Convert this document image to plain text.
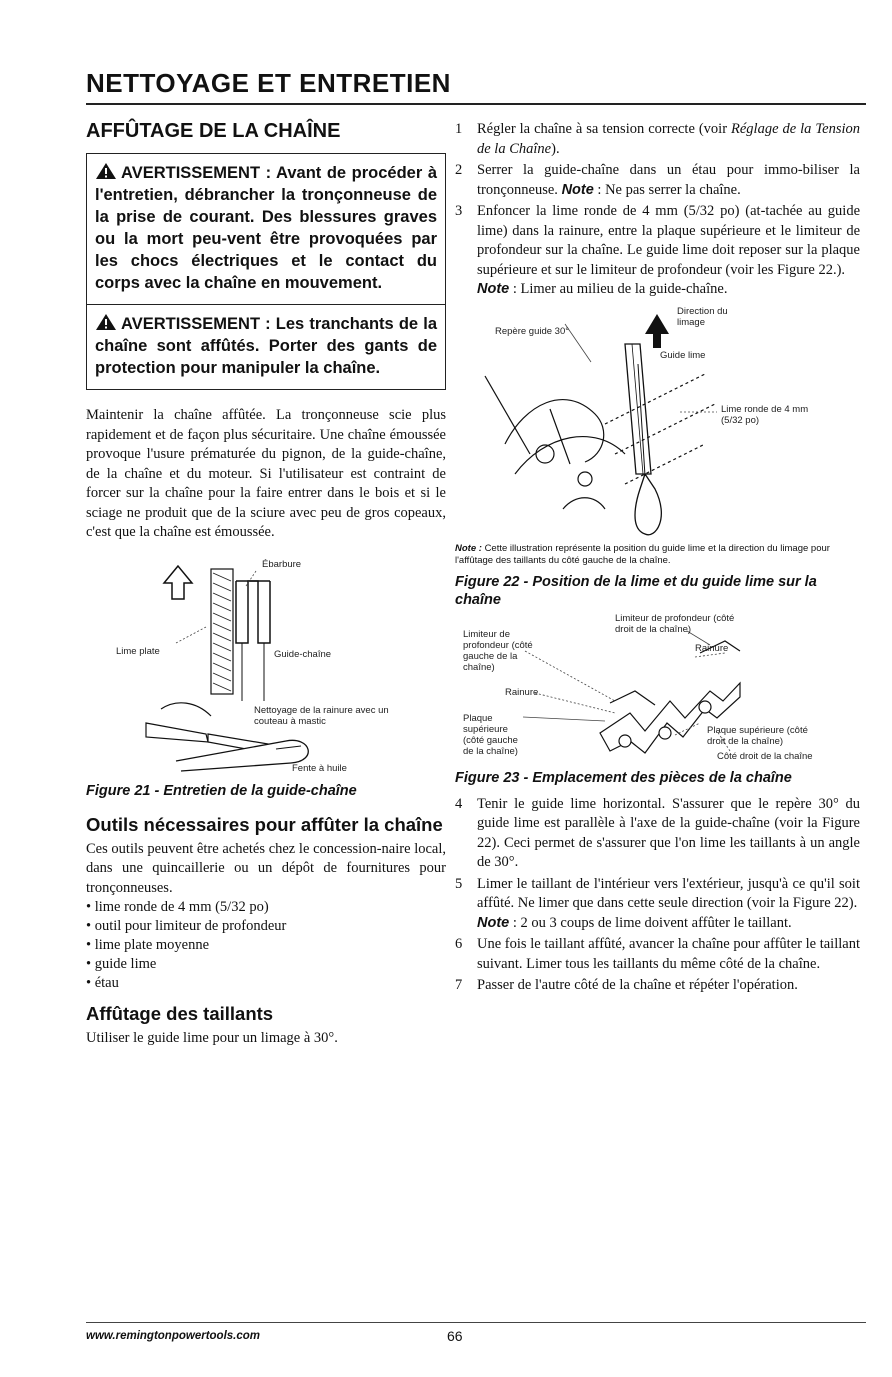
NETTOYAGE ET ENTRETIEN
AFFÛTAGE DE LA CHAÎNE
AVERTISSEMENT : Avant de procéder à l'entretien, débrancher la tronçonneuse de la prise de courant. Des blessures graves ou la mort peu-vent être provoquées par les chocs électriques et le contact du corps avec la chaîne en mouvement.
AVERTISSEMENT : Les tranchants de la chaîne sont affûtés. Porter des gants de protection pour manipuler la chaîne.

Maintenir la chaîne affûtée. La tronçonneuse scie plus rapidement et de façon plus sécuritaire. Une chaîne émoussée provoque l'usure prématurée du pignon, de la guide-chaîne, de la chaîne et du moteur. Si l'utilisateur est contraint de forcer sur la chaîne pour la faire entrer dans le bois et si le sciage ne produit que de la sciure avec peu de gros copeaux, c'est que la chaîne est émoussée.

Ébarbure
Lime plate	Guide-chaîne
Nettoyage de la rainure avec un couteau à mastic
Fente à huile
Figure 21 - Entretien de la guide-chaîne
Outils nécessaires pour affûter la chaîne

Ces outils peuvent être achetés chez le concession-naire local, dans une quincaillerie ou un dépôt de fournitures pour tronçonneuses.

• lime ronde de 4 mm (5/32 po)
• outil pour limiteur de profondeur
• lime plate moyenne
• guide lime
• étau
Affûtage des taillants

Utiliser le guide lime pour un limage à 30°.

1 Régler la chaîne à sa tension correcte (voir Réglage de la Tension de la Chaîne).
2 Serrer la guide-chaîne dans un étau pour immo-biliser la tronçonneuse. Note : Ne pas serrer la chaîne.
3 Enfoncer la lime ronde de 4 mm (5/32 po) (at-tachée au guide lime) dans la rainure, entre la plaque supérieure et le limiteur de profondeur sur la chaîne. Le guide lime doit reposer sur la plaque supérieure et sur le limiteur de profondeur (voir les Figure 22.).
Note : Limer au milieu de la guide-chaîne.
Direction du limage
Repère guide 30°
Guide lime
Lime ronde de 4 mm (5/32 po)
Note : Cette illustration représente la position du guide lime et la direction du limage pour l'affûtage des taillants du côté gauche de la chaîne.
Figure 22 - Position de la lime et du guide lime sur la chaîne
Limiteur de profondeur (côté droit de la chaîne)
Limiteur de profondeur (côté gauche de la chaîne)
Rainure
Rainure
Plaque supérieure (côté gauche de la chaîne)
Plaque supérieure (côté droit de la chaîne)
Côté droit de la chaîne
Figure 23 - Emplacement des pièces de la chaîne
4 Tenir le guide lime horizontal. S'assurer que le repère 30° du guide lime est parallèle à l'axe de la guide-chaîne (voir la Figure 22). Ceci permet de s'assurer que l'on lime les taillants à un angle de 30°.
5 Limer le taillant de l'intérieur vers l'extérieur, jusqu'à ce qu'il soit affûté. Ne limer que dans cette seule direction (voir la Figure 22).
Note : 2 ou 3 coups de lime doivent affûter le taillant.
6 Une fois le taillant affûté, avancer la chaîne pour affûter le taillant suivant. Limer tous les taillants du même côté de la chaîne.
7 Passer de l'autre côté de la chaîne et répéter l'opération.
www.remingtonpowertools.com	66
